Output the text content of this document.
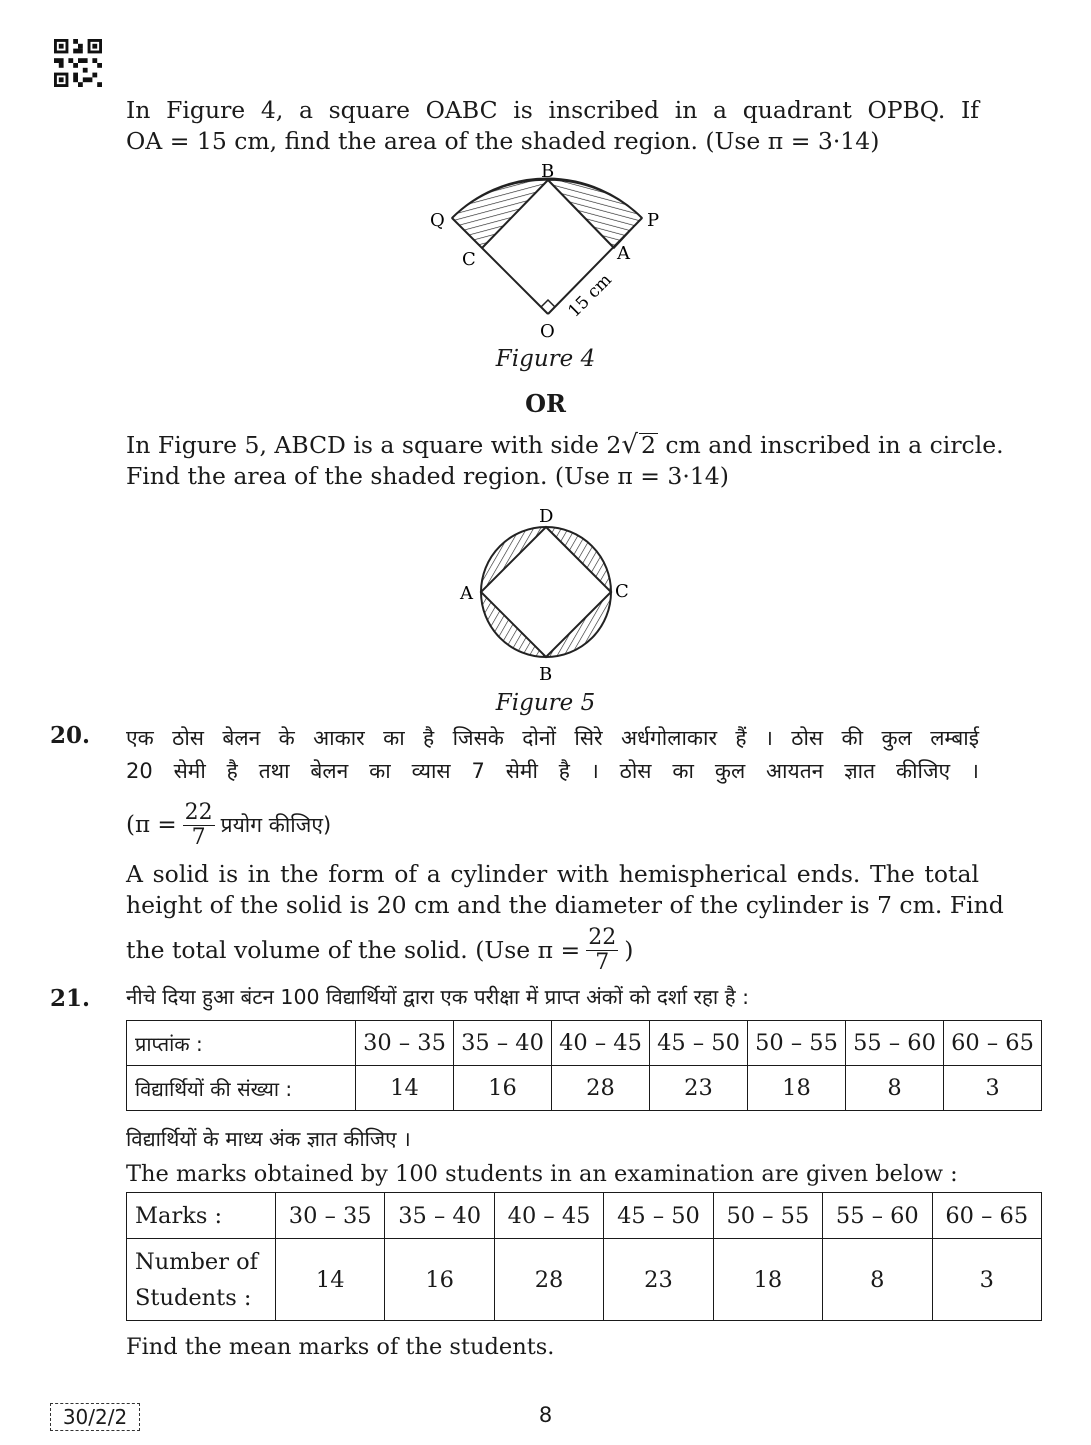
In Figure 4, a square OABC is inscribed in a quadrant OPBQ. If
OA = 15 cm, find the area of the shaded region. (Use π = 3·14)
B
Q	P
C	A
O
15 cm
Figure 4
OR
In Figure 5, ABCD is a square with side 2√ 2 cm and inscribed in a circle.
Find the area of the shaded region. (Use π = 3·14)
D
A	C
B
Figure 5
20. एक ठोस बेलन के आकार का है जिसके दोनों सिरे अर्धगोलाकार हैं । ठोस की कुल लम्बाई
20 सेमी है तथा बेलन का व्यास 7 सेमी है । ठोस का कुल आयतन ज्ञात कीजिए ।
($\pi = \frac{22}{7}$ प्रयोग कीजिए)
A solid is in the form of a cylinder with hemispherical ends. The total
height of the solid is 20 cm and the diameter of the cylinder is 7 cm. Find
the total volume of the solid. (Use $\pi = \frac{22}{7}$ )
21. नीचे दिया हुआ बंटन 100 विद्यार्थियों द्वारा एक परीक्षा में प्राप्त अंकों को दर्शा रहा है :
प्राप्तांक :	30 – 35	35 – 40	40 – 45	45 – 50	50 – 55	55 – 60	60 – 65
विद्यार्थियों की संख्या :	14	16	28	23	18	8	3
विद्यार्थियों के माध्य अंक ज्ञात कीजिए ।
The marks obtained by 100 students in an examination are given below :
Marks :	30 – 35	35 – 40	40 – 45	45 – 50	50 – 55	55 – 60	60 – 65

Number of
Students :	14	16	28	23	18	8	3
Find the mean marks of the students.
30/2/2	8
